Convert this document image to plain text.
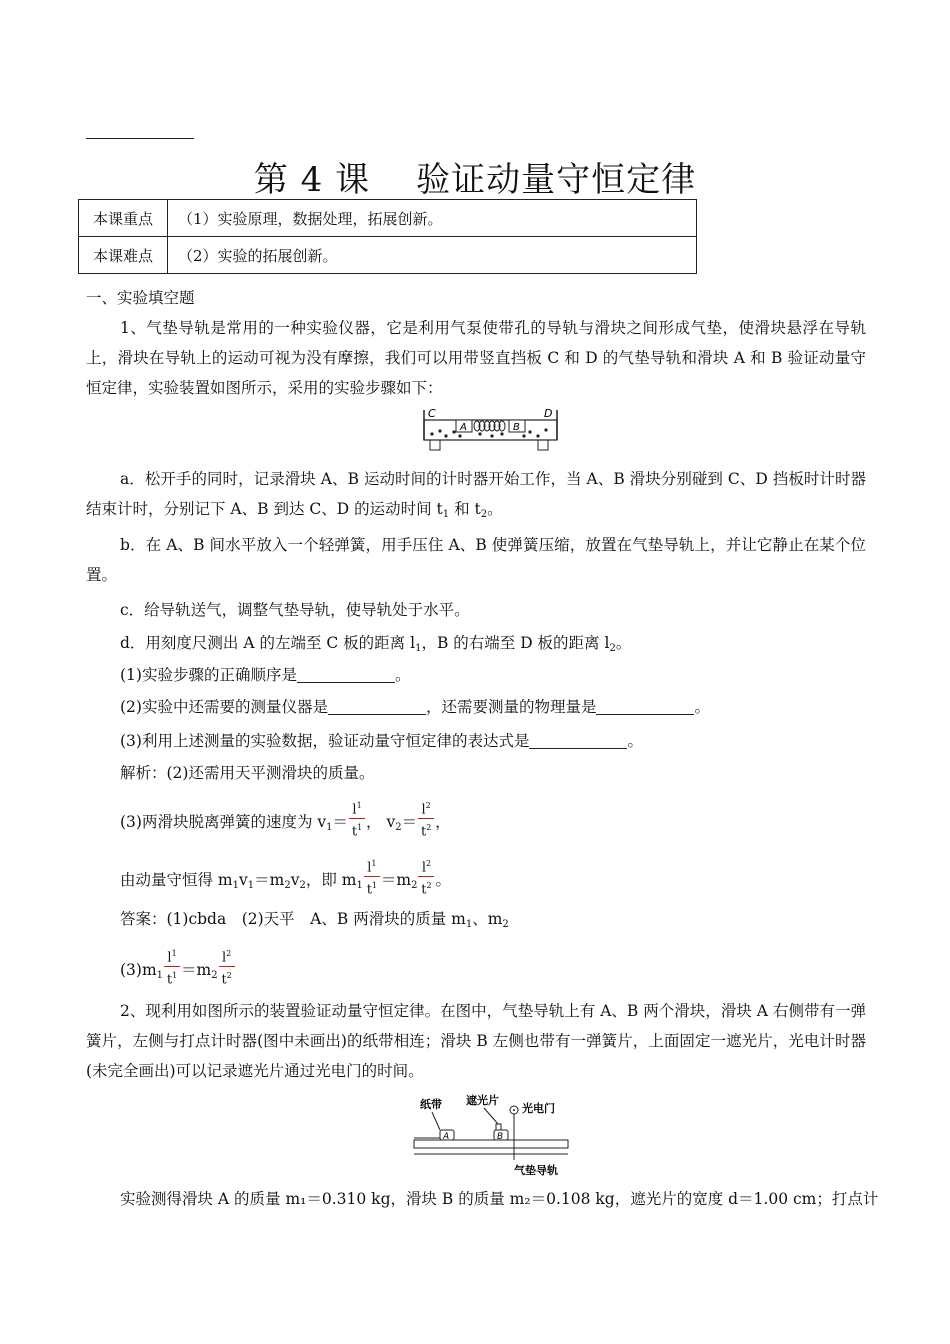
第 4 课 验证动量守恒定律
本课重点	（1）实验原理，数据处理，拓展创新。
本课难点	（2）实验的拓展创新。
一、实验填空题
1、气垫导轨是常用的一种实验仪器，它是利用气泵使带孔的导轨与滑块之间形成气垫，使滑块悬浮在导轨上，滑块在导轨上的运动可视为没有摩擦，我们可以用带竖直挡板 C 和 D 的气垫导轨和滑块 A 和 B 验证动量守恒定律，实验装置如图所示，采用的实验步骤如下：
C	D
A	B
a．松开手的同时，记录滑块 A、B 运动时间的计时器开始工作，当 A、B 滑块分别碰到 C、D 挡板时计时器结束计时，分别记下 A、B 到达 C、D 的运动时间 $t_1$ 和 $t_2$。
b．在 A、B 间水平放入一个轻弹簧，用手压住 A、B 使弹簧压缩，放置在气垫导轨上，并让它静止在某个位置。
c．给导轨送气，调整气垫导轨，使导轨处于水平。
d．用刻度尺测出 A 的左端至 C 板的距离 $l_1$，B 的右端至 D 板的距离 $l_2$。
(1)实验步骤的正确顺序是	。
(2)实验中还需要的测量仪器是	，还需要测量的物理量是	。
(3)利用上述测量的实验数据，验证动量守恒定律的表达式是	。
解析：(2)还需用天平测滑块的质量。
(3)两滑块脱离弹簧的速度为 $v_1= \frac{l^1}{t^1}$ ， $v_2= \frac{l^2}{t^2}$ ，
由动量守恒得 $m_1v_1=m_2v_2$，即 $m_1 \frac{l^1}{t^1} =m_2 \frac{l^2}{t^2}$ 。
答案：(1)cbda　(2)天平　A、B 两滑块的质量 $m_1$、$m_2$
$(3)m_1 \frac{l^1}{t^1} =m_2 \frac{l^2}{t^2}$
2、现利用如图所示的装置验证动量守恒定律。在图中，气垫导轨上有 A、B 两个滑块，滑块 A 右侧带有一弹簧片，左侧与打点计时器(图中未画出)的纸带相连；滑块 B 左侧也带有一弹簧片，上面固定一遮光片，光电计时器(未完全画出)可以记录遮光片通过光电门的时间。
纸带 遮光片
光电门
A	B
气垫导轨
实验测得滑块 A 的质量 m₁＝0.310 kg，滑块 B 的质量 m₂＝0.108 kg，遮光片的宽度 d＝1.00 cm；打点计
